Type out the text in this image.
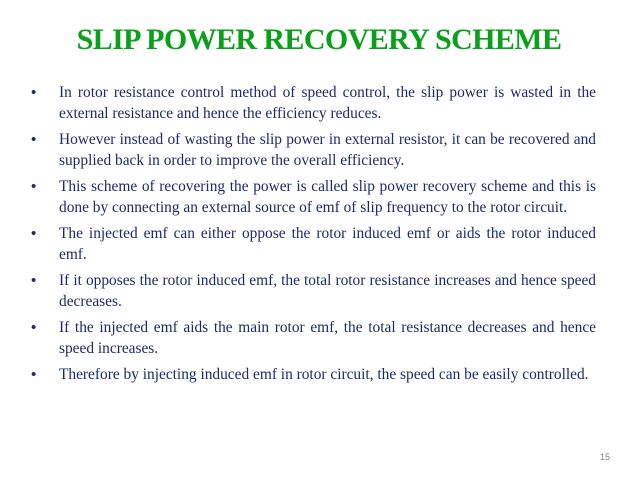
SLIP POWER RECOVERY SCHEME
• In rotor resistance control method of speed control, the slip power is wasted in the external resistance and hence the efficiency reduces.
• However instead of wasting the slip power in external resistor, it can be recovered and supplied back in order to improve the overall efficiency.
• This scheme of recovering the power is called slip power recovery scheme and this is done by connecting an external source of emf of slip frequency to the rotor circuit.
• The injected emf can either oppose the rotor induced emf or aids the rotor induced emf.
• If it opposes the rotor induced emf, the total rotor resistance increases and hence speed decreases.
• If the injected emf aids the main rotor emf, the total resistance decreases and hence speed increases.
• Therefore by injecting induced emf in rotor circuit, the speed can be easily controlled.
15
